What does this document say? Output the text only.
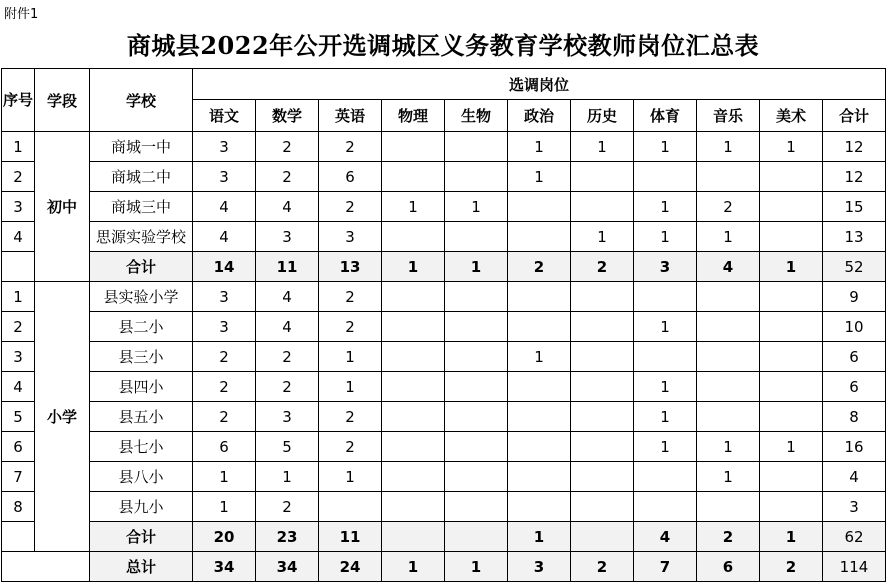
附件1
商城县2022年公开选调城区义务教育学校教师岗位汇总表
序号	学段	学校	选调岗位										
			语文	数学	英语	物理	生物	政治	历史	体育	音乐	美术	合计
1	初中	商城一中	3	2	2			1	1	1	1	1	12
2		商城二中	3	2	6			1					12
3		商城三中	4	4	2	1	1			1	2		15
4		思源实验学校	4	3	3				1	1	1		13
		合计	14	11	13	1	1	2	2	3	4	1	52
1	小学	县实验小学	3	4	2								9
2		县二小	3	4	2					1			10
3		县三小	2	2	1			1					6
4		县四小	2	2	1					1			6
5		县五小	2	3	2					1			8
6		县七小	6	5	2					1	1	1	16
7		县八小	1	1	1						1		4
8		县九小	1	2									3
		合计	20	23	11			1		4	2	1	62
		总计	34	34	24	1	1	3	2	7	6	2	114
